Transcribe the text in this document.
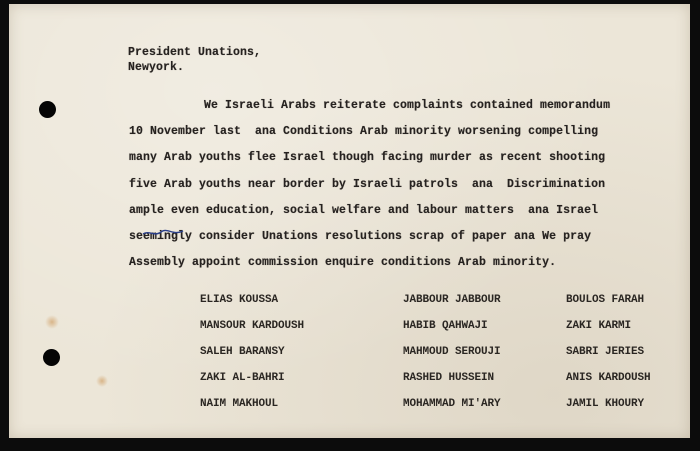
President Unations,
Newyork.
We Israeli Arabs reiterate complaints contained memorandum
10 November last  ana Conditions Arab minority worsening compelling
many Arab youths flee Israel though facing murder as recent shooting
five Arab youths near border by Israeli patrols  ana  Discrimination
ample even education, social welfare and labour matters  ana Israel
seemingly consider Unations resolutions scrap of paper ana We pray
Assembly appoint commission enquire conditions Arab minority.
ELIAS KOUSSA
MANSOUR KARDOUSH
SALEH BARANSY
ZAKI AL-BAHRI
NAIM MAKHOUL
JABBOUR JABBOUR
HABIB QAHWAJI
MAHMOUD SEROUJI
RASHED HUSSEIN
MOHAMMAD MI'ARY
BOULOS FARAH
ZAKI KARMI
SABRI JERIES
ANIS KARDOUSH
JAMIL KHOURY
